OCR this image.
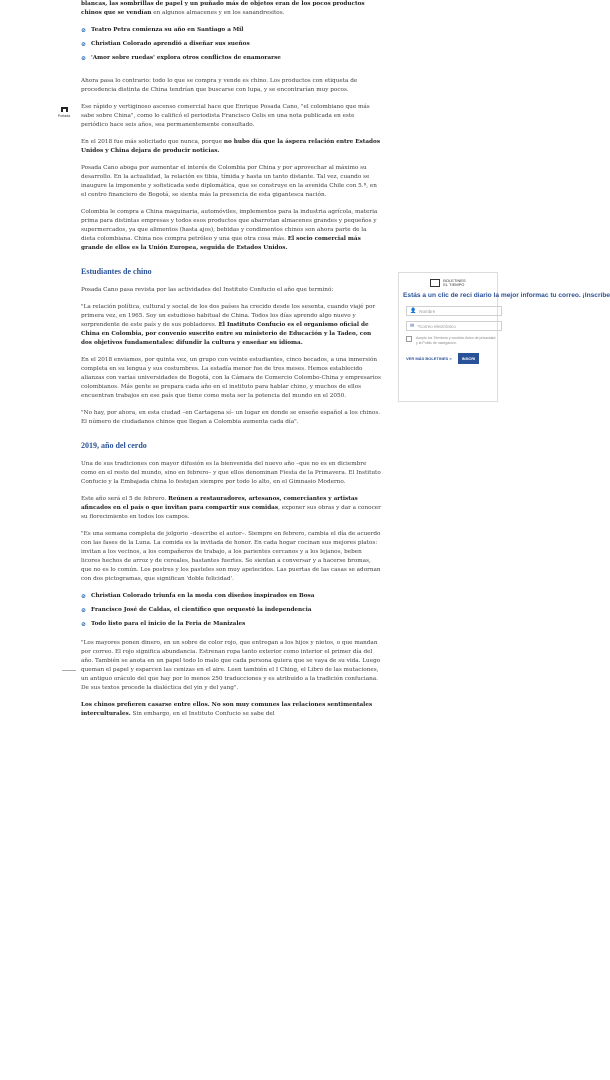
Portada

blancas, las sombrillas de papel y un puñado más de objetos eran de los pocos productos chinos que se vendían en algunos almacenes y en los sanandresitos.

⊘ Teatro Petra comienza su año en Santiago a Mil
⊘ Christian Colorado aprendió a diseñar sus sueños
⊘ 'Amor sobre ruedas' explora otros conflictos de enamorarse

Ahora pasa lo contrario: todo lo que se compra y vende es chino. Los productos con etiqueta de procedencia distinta de China tendrían que buscarse con lupa, y se encontrarían muy pocos.

Ese rápido y vertiginoso ascenso comercial hace que Enrique Posada Cano, "el colombiano que más sabe sobre China", como lo calificó el periodista Francisco Celis en una nota publicada en este periódico hace seis años, sea permanentemente consultado.

En el 2018 fue más solicitado que nunca, porque no hubo día que la áspera relación entre Estados Unidos y China dejara de producir noticias.

Posada Cano aboga por aumentar el interés de Colombia por China y por aprovechar al máximo su desarrollo. En la actualidad, la relación es tibia, tímida y hasta un tanto distante. Tal vez, cuando se inaugure la imponente y sofisticada sede diplomática, que se construye en la avenida Chile con 5.ª, en el centro financiero de Bogotá, se sienta más la presencia de esta gigantesca nación.

Colombia le compra a China maquinaria, automóviles, implementos para la industria agrícola, materia prima para distintas empresas y todos esos productos que abarrotan almacenes grandes y pequeños y supermercados, ya que alimentos (hasta ajos), bebidas y condimentos chinos son ahora parte de la dieta colombiana. China nos compra petróleo y una que otra cosa más. El socio comercial más grande de ellos es la Unión Europea, seguida de Estados Unidos.

Estudiantes de chino

Posada Cano pasa revista por las actividades del Instituto Confucio el año que terminó:

"La relación política, cultural y social de los dos países ha crecido desde los sesenta, cuando viajé por primera vez, en 1965. Soy un estudioso habitual de China. Todos los días aprendo algo nuevo y sorprendente de este país y de sus pobladores. El Instituto Confucio es el organismo oficial de China en Colombia, por convenio suscrito entre su ministerio de Educación y la Tadeo, con dos objetivos fundamentales: difundir la cultura y enseñar su idioma.

En el 2018 enviamos, por quinta vez, un grupo con veinte estudiantes, cinco becados, a una inmersión completa en su lengua y sus costumbres. La estadía menor fue de tres meses. Hemos establecido alianzas con varias universidades de Bogotá, con la Cámara de Comercio Colombo-China y empresarios colombianos. Más gente se prepara cada año en el instituto para hablar chino, y muchos de ellos encuentran trabajos en ese país que tiene como meta ser la potencia del mundo en el 2050.

"No hay, por ahora, en esta ciudad –en Cartagena sí– un lugar en donde se enseñe español a los chinos. El número de ciudadanos chinos que llegan a Colombia aumenta cada día".

2019, año del cerdo

Una de sus tradiciones con mayor difusión es la bienvenida del nuevo año –que no es en diciembre como en el resto del mundo, sino en febrero– y que ellos denominan Fiesta de la Primavera. El Instituto Confucio y la Embajada china lo festejan siempre por todo lo alto, en el Gimnasio Moderno.

Este año será el 5 de febrero. Reúnen a restauradores, artesanos, comerciantes y artistas afincados en el país o que invitan para compartir sus comidas, exponer sus obras y dar a conocer su florecimiento en todos los campos.

"Es una semana completa de jolgorio –describe el autor–. Siempre en febrero, cambia el día de acuerdo con las fases de la Luna. La comida es la invitada de honor. En cada hogar cocinan sus mejores platos: invitan a los vecinos, a los compañeros de trabajo, a los parientes cercanos y a los lejanos, beben licores hechos de arroz y de cereales, bastantes fuertes. Se sientan a conversar y a hacerse bromas, que no es lo común. Los postres y los pasteles son muy apetecidos. Las puertas de las casas se adornan con dos pictogramas, que significan 'doble felicidad'.

⊘ Christian Colorado triunfa en la moda con diseños inspirados en Bosa
⊘ Francisco José de Caldas, el científico que orquestó la independencia
⊘ Todo listo para el inicio de la Feria de Manizales

"Los mayores ponen dinero, en un sobre de color rojo, que entregan a los hijos y nietos, o que mandan por correo. El rojo significa abundancia. Estrenan ropa tanto exterior como interior el primer día del año. También se anota en un papel todo lo malo que cada persona quiera que se vaya de su vida. Luego queman el papel y esparcen las cenizas en el aire. Leen también el I Ching, el Libro de las mutaciones, un antiguo oráculo del que hay por lo menos 250 traducciones y es atribuido a la tradición confuciana. De sus textos procede la dialéctica del yin y del yang".

Los chinos prefieren casarse entre ellos. No son muy comunes las relaciones sentimentales interculturales. Sin embargo, en el Instituto Confucio se sabe del

BOLETINES
EL TIEMPO
Estás a un clic de reci diario la mejor informac tu correo. ¡Inscríbe
👤 Nombre
✉ *Correo electrónico
Acepto los Términos y condicio Aviso de privacidad y la Polític de navegación.
VER MÁS BOLETINES >	INSCRI
